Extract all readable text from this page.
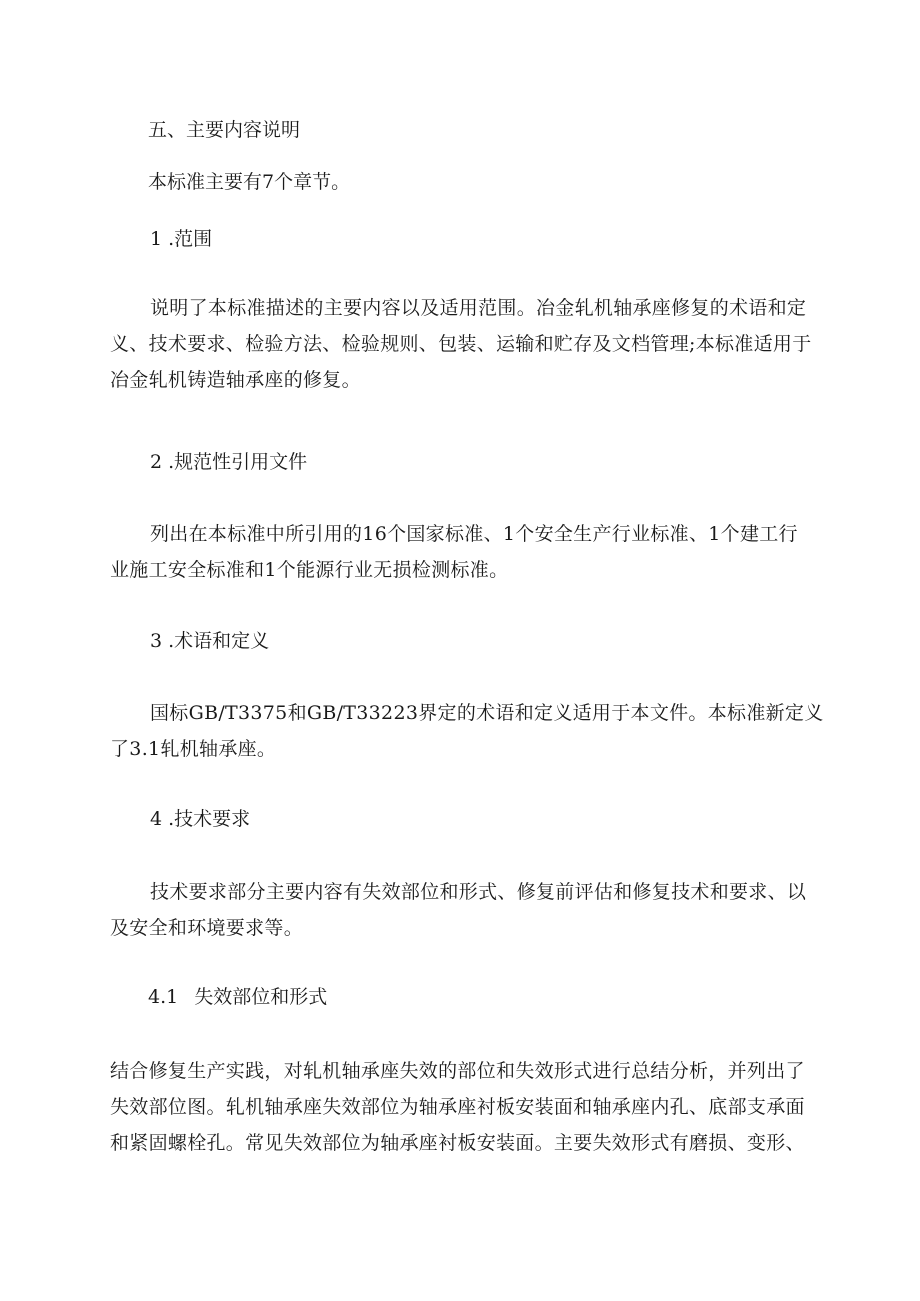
五、主要内容说明
本标准主要有7个章节。
1 .范围
说明了本标准描述的主要内容以及适用范围。冶金轧机轴承座修复的术语和定
义、技术要求、检验方法、检验规则、包装、运输和贮存及文档管理;本标准适用于
冶金轧机铸造轴承座的修复。
2 .规范性引用文件
列出在本标准中所引用的16个国家标准、1个安全生产行业标准、1个建工行
业施工安全标准和1个能源行业无损检测标准。
3 .术语和定义
国标GB/T3375和GB/T33223界定的术语和定义适用于本文件。本标准新定义
了3.1轧机轴承座。
4 .技术要求
技术要求部分主要内容有失效部位和形式、修复前评估和修复技术和要求、以
及安全和环境要求等。
4.1 失效部位和形式
结合修复生产实践，对轧机轴承座失效的部位和失效形式进行总结分析，并列出了
失效部位图。轧机轴承座失效部位为轴承座衬板安装面和轴承座内孔、底部支承面
和紧固螺栓孔。常见失效部位为轴承座衬板安装面。主要失效形式有磨损、变形、
